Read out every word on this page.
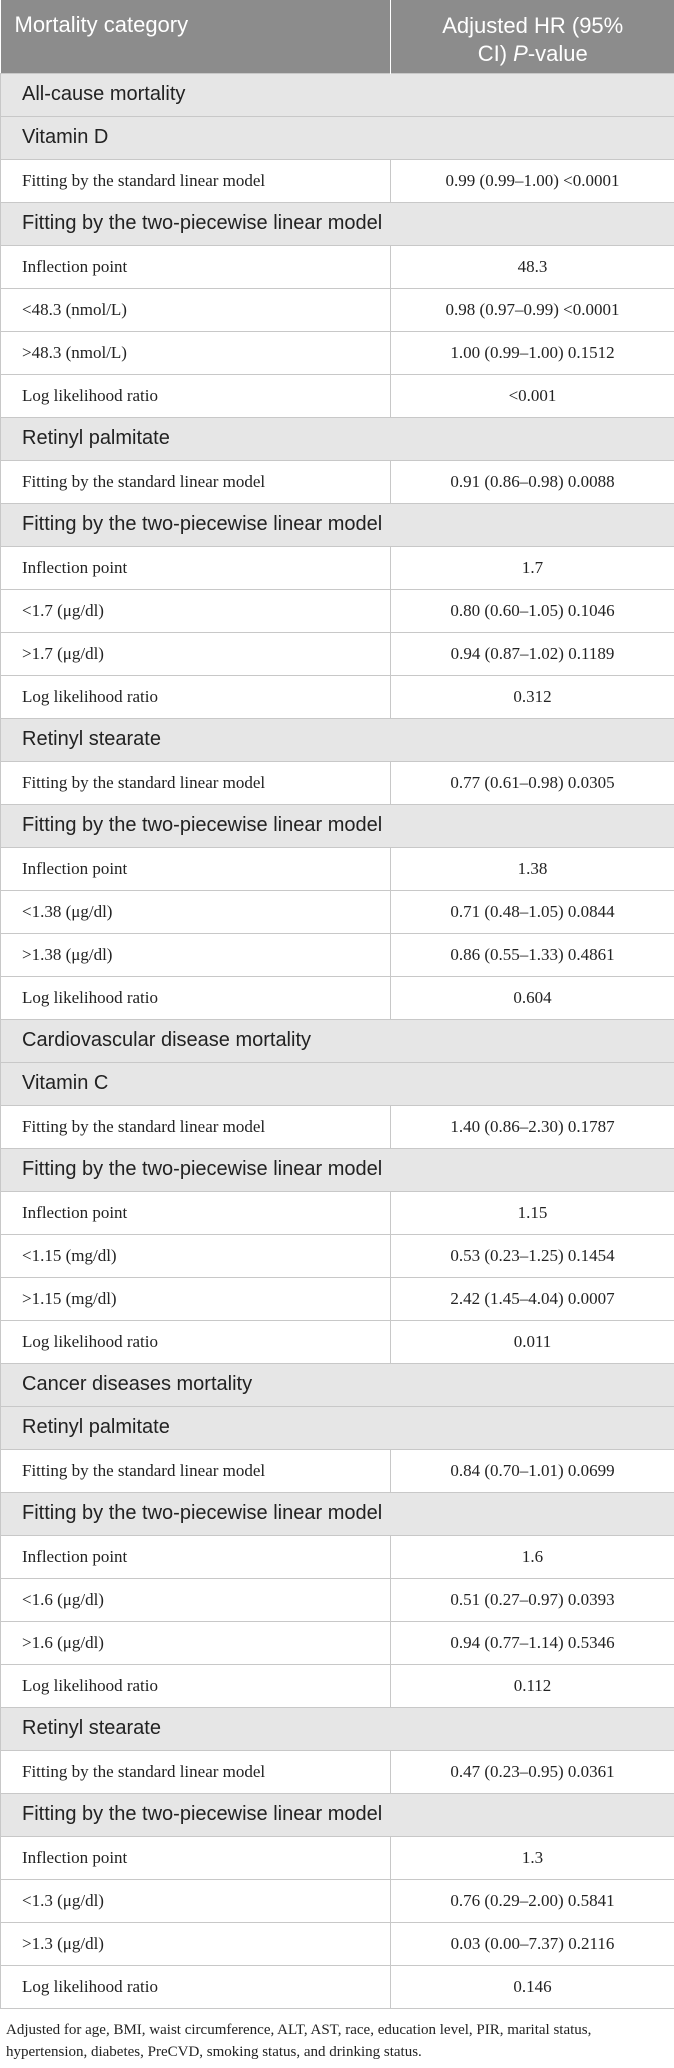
Mortality category	Adjusted HR (95%
CI) P-value
All-cause mortality	
Vitamin D	
Fitting by the standard linear model	0.99 (0.99–1.00) <0.0001
Fitting by the two-piecewise linear model	
Inflection point	48.3
<48.3 (nmol/L)	0.98 (0.97–0.99) <0.0001
>48.3 (nmol/L)	1.00 (0.99–1.00) 0.1512
Log likelihood ratio	<0.001
Retinyl palmitate	
Fitting by the standard linear model	0.91 (0.86–0.98) 0.0088
Fitting by the two-piecewise linear model	
Inflection point	1.7
<1.7 (μg/dl)	0.80 (0.60–1.05) 0.1046
>1.7 (μg/dl)	0.94 (0.87–1.02) 0.1189
Log likelihood ratio	0.312
Retinyl stearate	
Fitting by the standard linear model	0.77 (0.61–0.98) 0.0305
Fitting by the two-piecewise linear model	
Inflection point	1.38
<1.38 (μg/dl)	0.71 (0.48–1.05) 0.0844
>1.38 (μg/dl)	0.86 (0.55–1.33) 0.4861
Log likelihood ratio	0.604
Cardiovascular disease mortality	
Vitamin C	
Fitting by the standard linear model	1.40 (0.86–2.30) 0.1787
Fitting by the two-piecewise linear model	
Inflection point	1.15
<1.15 (mg/dl)	0.53 (0.23–1.25) 0.1454
>1.15 (mg/dl)	2.42 (1.45–4.04) 0.0007
Log likelihood ratio	0.011
Cancer diseases mortality	
Retinyl palmitate	
Fitting by the standard linear model	0.84 (0.70–1.01) 0.0699
Fitting by the two-piecewise linear model	
Inflection point	1.6
<1.6 (μg/dl)	0.51 (0.27–0.97) 0.0393
>1.6 (μg/dl)	0.94 (0.77–1.14) 0.5346
Log likelihood ratio	0.112
Retinyl stearate	
Fitting by the standard linear model	0.47 (0.23–0.95) 0.0361
Fitting by the two-piecewise linear model	
Inflection point	1.3
<1.3 (μg/dl)	0.76 (0.29–2.00) 0.5841
>1.3 (μg/dl)	0.03 (0.00–7.37) 0.2116
Log likelihood ratio	0.146

Adjusted for age, BMI, waist circumference, ALT, AST, race, education level, PIR, marital status, hypertension, diabetes, PreCVD, smoking status, and drinking status.
